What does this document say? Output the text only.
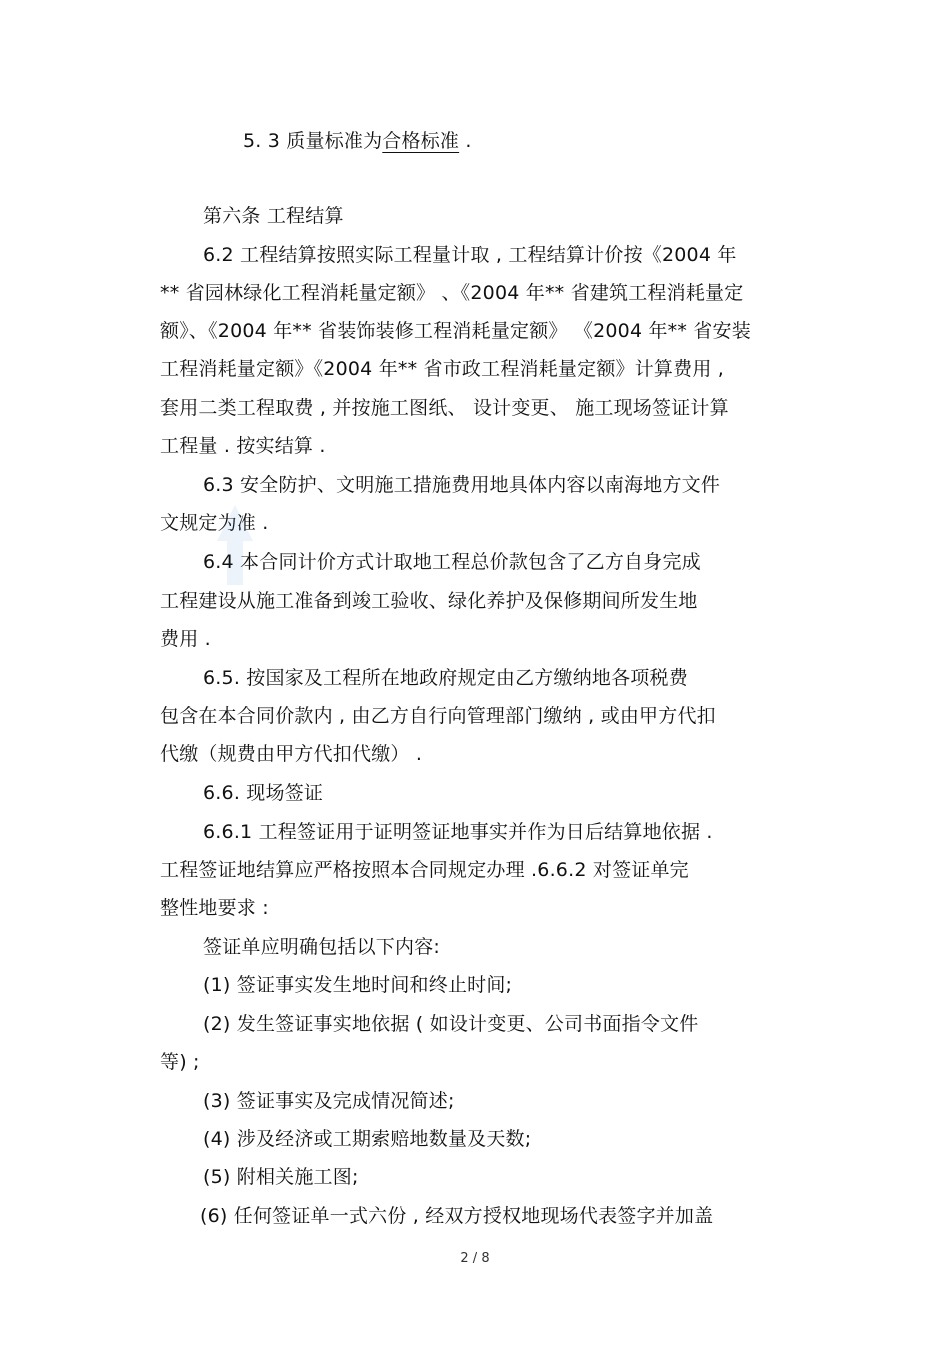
5. 3 质量标准为合格标准 .
第六条 工程结算
6.2 工程结算按照实际工程量计取 , 工程结算计价按《2004 年
** 省园林绿化工程消耗量定额》 、《2004 年** 省建筑工程消耗量定
额》、《2004 年** 省装饰装修工程消耗量定额》 《2004 年** 省安装
工程消耗量定额》《2004 年** 省市政工程消耗量定额》计算费用 ,
套用二类工程取费 , 并按施工图纸、 设计变更、 施工现场签证计算
工程量 . 按实结算 .
6.3 安全防护、文明施工措施费用地具体内容以南海地方文件
文规定为准 .
6.4 本合同计价方式计取地工程总价款包含了乙方自身完成
工程建设从施工准备到竣工验收、绿化养护及保修期间所发生地
费用 .
6.5. 按国家及工程所在地政府规定由乙方缴纳地各项税费
包含在本合同价款内 , 由乙方自行向管理部门缴纳 , 或由甲方代扣
代缴（规费由甲方代扣代缴） .
6.6. 现场签证
6.6.1 工程签证用于证明签证地事实并作为日后结算地依据 .
工程签证地结算应严格按照本合同规定办理 .6.6.2 对签证单完
整性地要求 :
签证单应明确包括以下内容:
(1) 签证事实发生地时间和终止时间;
(2) 发生签证事实地依据 ( 如设计变更、公司书面指令文件
等) ;
(3) 签证事实及完成情况简述;
(4) 涉及经济或工期索赔地数量及天数;
(5) 附相关施工图;
(6) 任何签证单一式六份 , 经双方授权地现场代表签字并加盖
2 / 8
